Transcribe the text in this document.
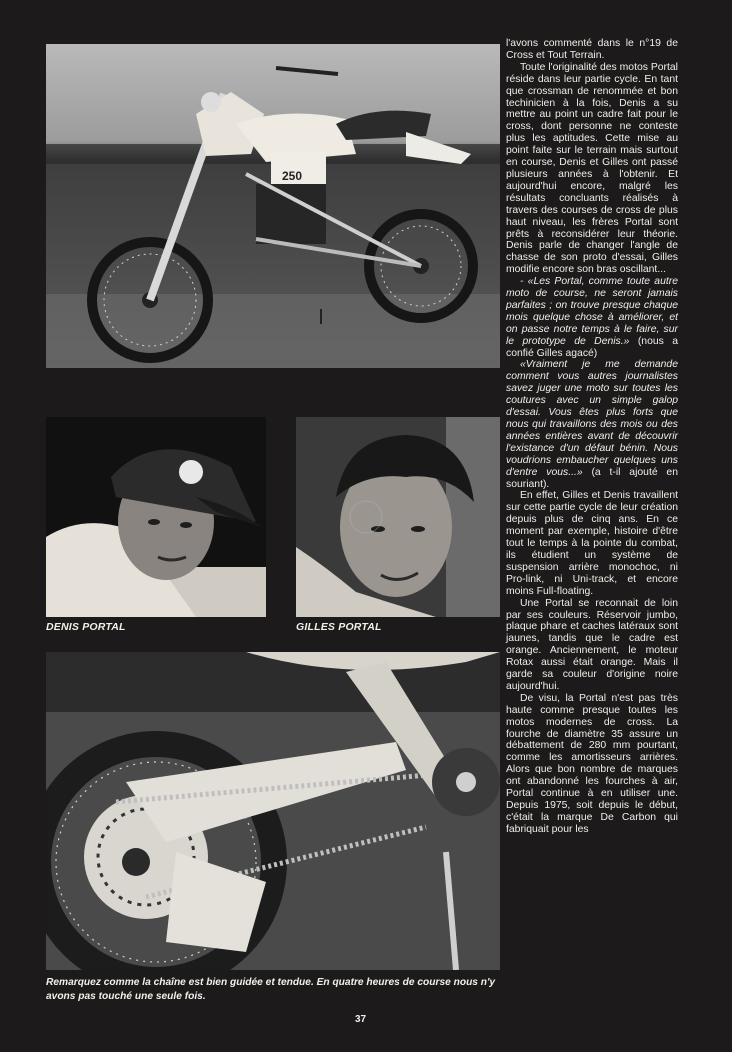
250
DENIS PORTAL	GILLES PORTAL
Remarquez comme la chaîne est bien guidée et tendue. En quatre heures de course nous n'y avons pas touché une seule fois.

l'avons commenté dans le n°19 de Cross et Tout Terrain.

Toute l'originalité des motos Portal réside dans leur partie cycle. En tant que crossman de renommée et bon techinicien à la fois, Denis a su mettre au point un cadre fait pour le cross, dont personne ne conteste plus les aptitudes. Cette mise au point faite sur le terrain mais surtout en course, Denis et Gilles ont passé plusieurs années à l'obtenir. Et aujourd'hui encore, malgré les résultats concluants réalisés à travers des courses de cross de plus haut niveau, les frères Portal sont prêts à reconsidérer leur théorie. Denis parle de changer l'angle de chasse de son proto d'essai, Gilles modifie encore son bras oscillant...

- «Les Portal, comme toute autre moto de course, ne seront jamais parfaites ; on trouve presque chaque mois quelque chose à améliorer, et on passe notre temps à le faire, sur le prototype de Denis.» (nous a confié Gilles agacé)

«Vraiment je me demande comment vous autres journalistes savez juger une moto sur toutes les coutures avec un simple galop d'essai. Vous êtes plus forts que nous qui travaillons des mois ou des années entières avant de découvrir l'existance d'un défaut bénin. Nous voudrions embaucher quelques uns d'entre vous...» (a t-il ajouté en souriant).

En effet, Gilles et Denis travaillent sur cette partie cycle de leur création depuis plus de cinq ans. En ce moment par exemple, histoire d'être tout le temps à la pointe du combat, ils étudient un système de suspension arrière monochoc, ni Pro-link, ni Uni-track, et encore moins Full-floating.

Une Portal se reconnait de loin par ses couleurs. Réservoir jumbo, plaque phare et caches latéraux sont jaunes, tandis que le cadre est orange. Anciennement, le moteur Rotax aussi était orange. Mais il garde sa couleur d'origine noire aujourd'hui.

De visu, la Portal n'est pas très haute comme presque toutes les motos modernes de cross. La fourche de diamètre 35 assure un débattement de 280 mm pourtant, comme les amortisseurs arrières. Alors que bon nombre de marques ont abandonné les fourches à air, Portal continue à en utiliser une. Depuis 1975, soit depuis le début, c'était la marque De Carbon qui fabriquait pour les

37
